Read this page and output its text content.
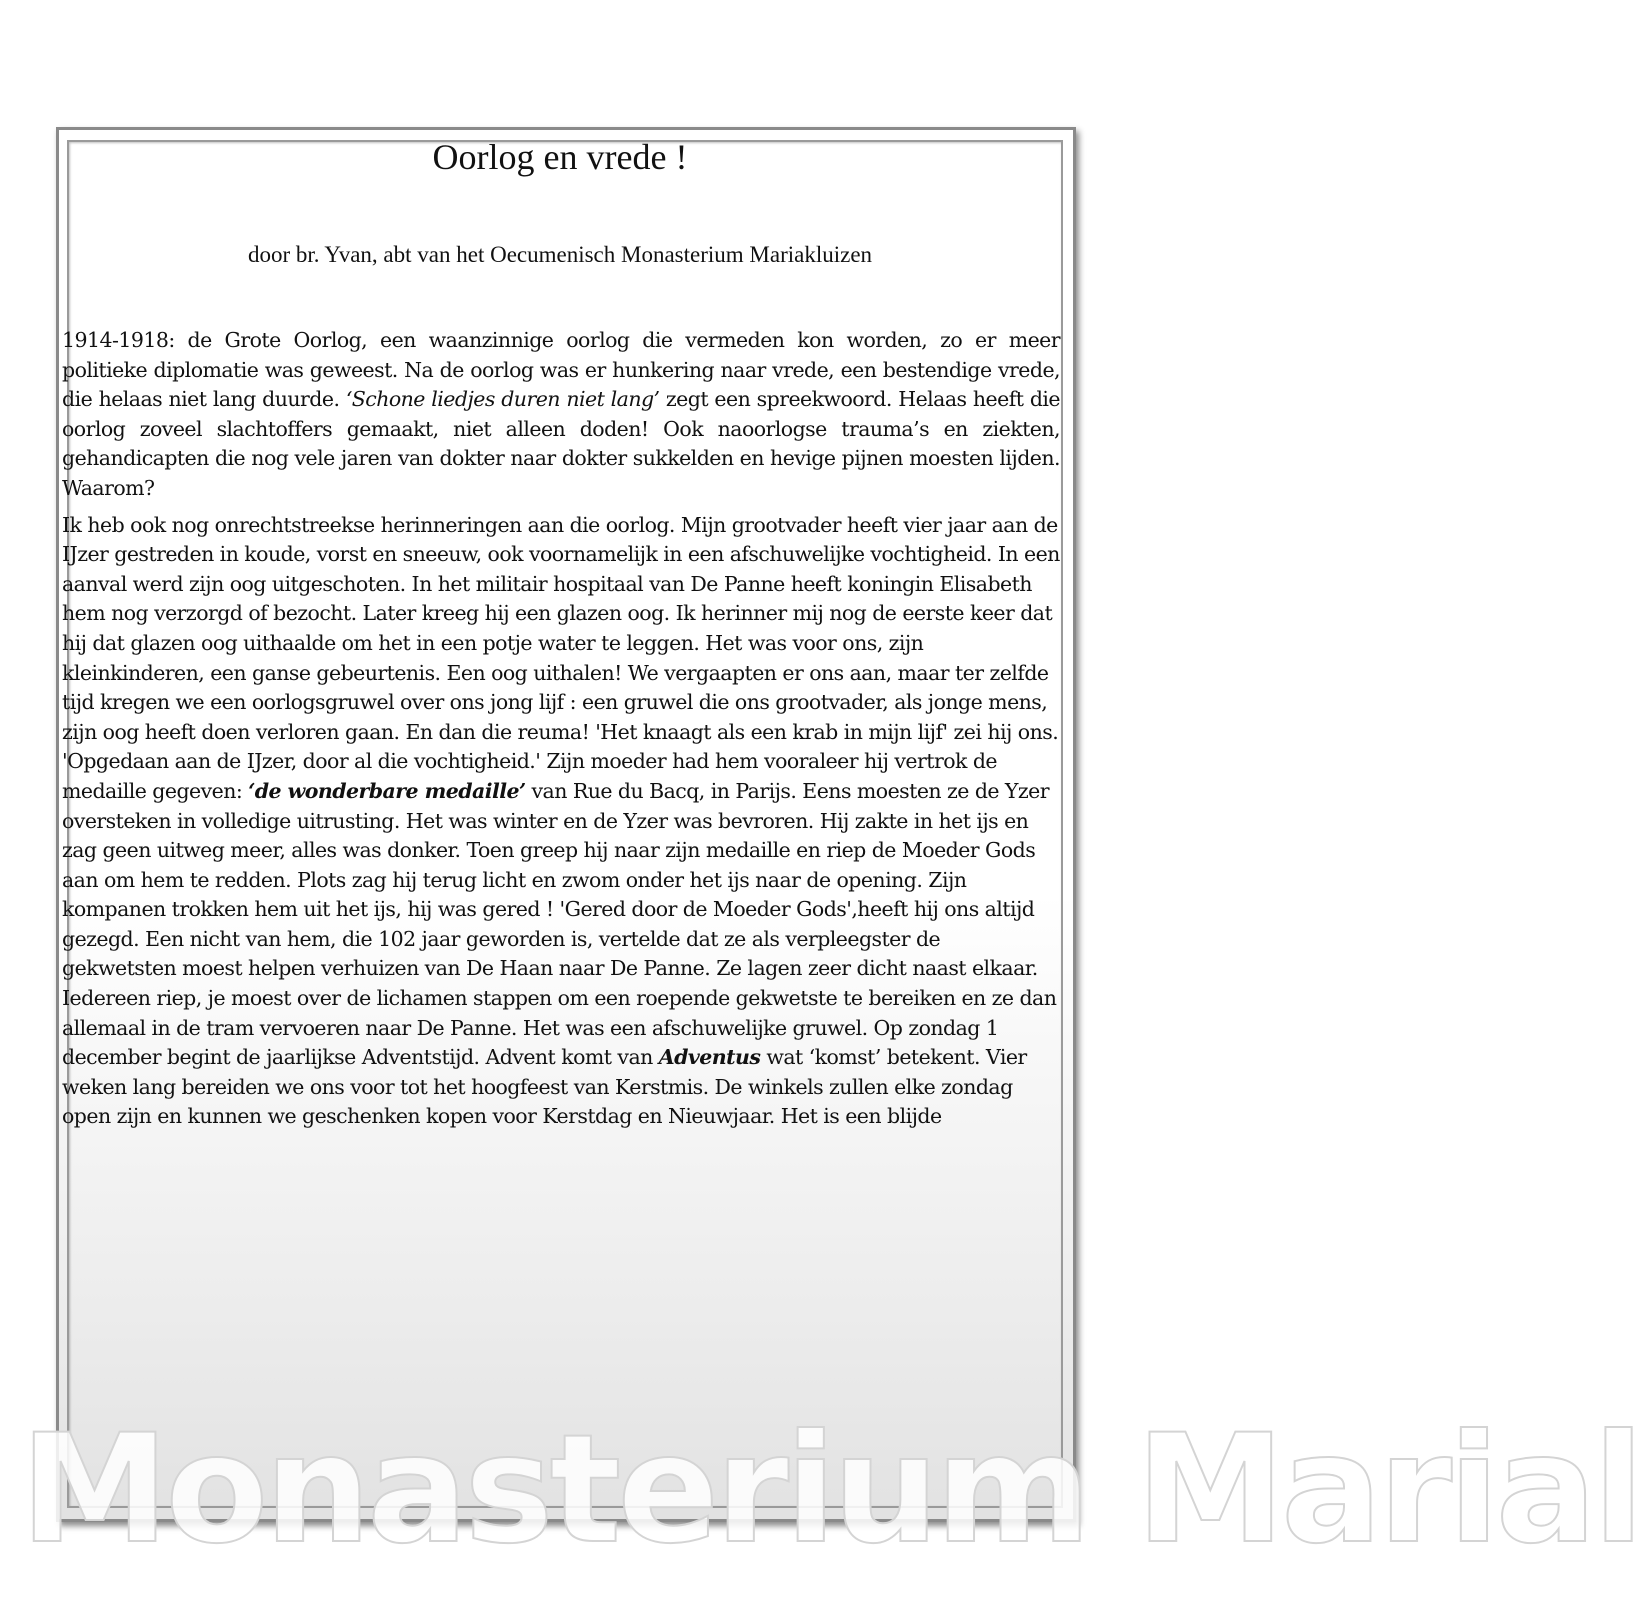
Oorlog en vrede !

door br. Yvan, abt van het Oecumenisch Monasterium Mariakluizen

1914-1918: de Grote Oorlog, een waanzinnige oorlog die vermeden kon worden, zo er meer politieke diplomatie was geweest. Na de oorlog was er hunkering naar vrede, een bestendige vrede, die helaas niet lang duurde. ‘Schone liedjes duren niet lang’ zegt een spreekwoord. Helaas heeft die oorlog zoveel slachtoffers gemaakt, niet alleen doden! Ook naoorlogse trauma’s en ziekten, gehandicapten die nog vele jaren van dokter naar dokter sukkelden en hevige pijnen moesten lijden. Waarom?

Ik heb ook nog onrechtstreekse herinneringen aan die oorlog. Mijn grootvader heeft vier jaar aan de IJzer gestreden in koude, vorst en sneeuw, ook voornamelijk in een afschuwelijke vochtigheid. In een aanval werd zijn oog uitgeschoten. In het militair hospitaal van De Panne heeft koningin Elisabeth hem nog verzorgd of bezocht. Later kreeg hij een glazen oog. Ik herinner mij nog de eerste keer dat hij dat glazen oog uithaalde om het in een potje water te leggen. Het was voor ons, zijn kleinkinderen, een ganse gebeurtenis. Een oog uithalen! We vergaapten er ons aan, maar ter zelfde tijd kregen we een oorlogsgruwel over ons jong lijf : een gruwel die ons grootvader, als jonge mens, zijn oog heeft doen verloren gaan. En dan die reuma! 'Het knaagt als een krab in mijn lijf' zei hij ons. 'Opgedaan aan de IJzer, door al die vochtigheid.' Zijn moeder had hem vooraleer hij vertrok de medaille gegeven: ‘de wonderbare medaille’ van Rue du Bacq, in Parijs. Eens moesten ze de Yzer oversteken in volledige uitrusting. Het was winter en de Yzer was bevroren. Hij zakte in het ijs en zag geen uitweg meer, alles was donker. Toen greep hij naar zijn medaille en riep de Moeder Gods aan om hem te redden. Plots zag hij terug licht en zwom onder het ijs naar de opening. Zijn kompanen trokken hem uit het ijs, hij was gered ! 'Gered door de Moeder Gods',heeft hij ons altijd gezegd. Een nicht van hem, die 102 jaar geworden is, vertelde dat ze als verpleegster de gekwetsten moest helpen verhuizen van De Haan naar De Panne. Ze lagen zeer dicht naast elkaar. Iedereen riep, je moest over de lichamen stappen om een roepende gekwetste te bereiken en ze dan allemaal in de tram vervoeren naar De Panne. Het was een afschuwelijke gruwel. Op zondag 1 december begint de jaarlijkse Adventstijd. Advent komt van Adventus wat ‘komst’ betekent. Vier weken lang bereiden we ons voor tot het hoogfeest van Kerstmis. De winkels zullen elke zondag open zijn en kunnen we geschenken kopen voor Kerstdag en Nieuwjaar. Het is een blijde

Monasterium Marial
